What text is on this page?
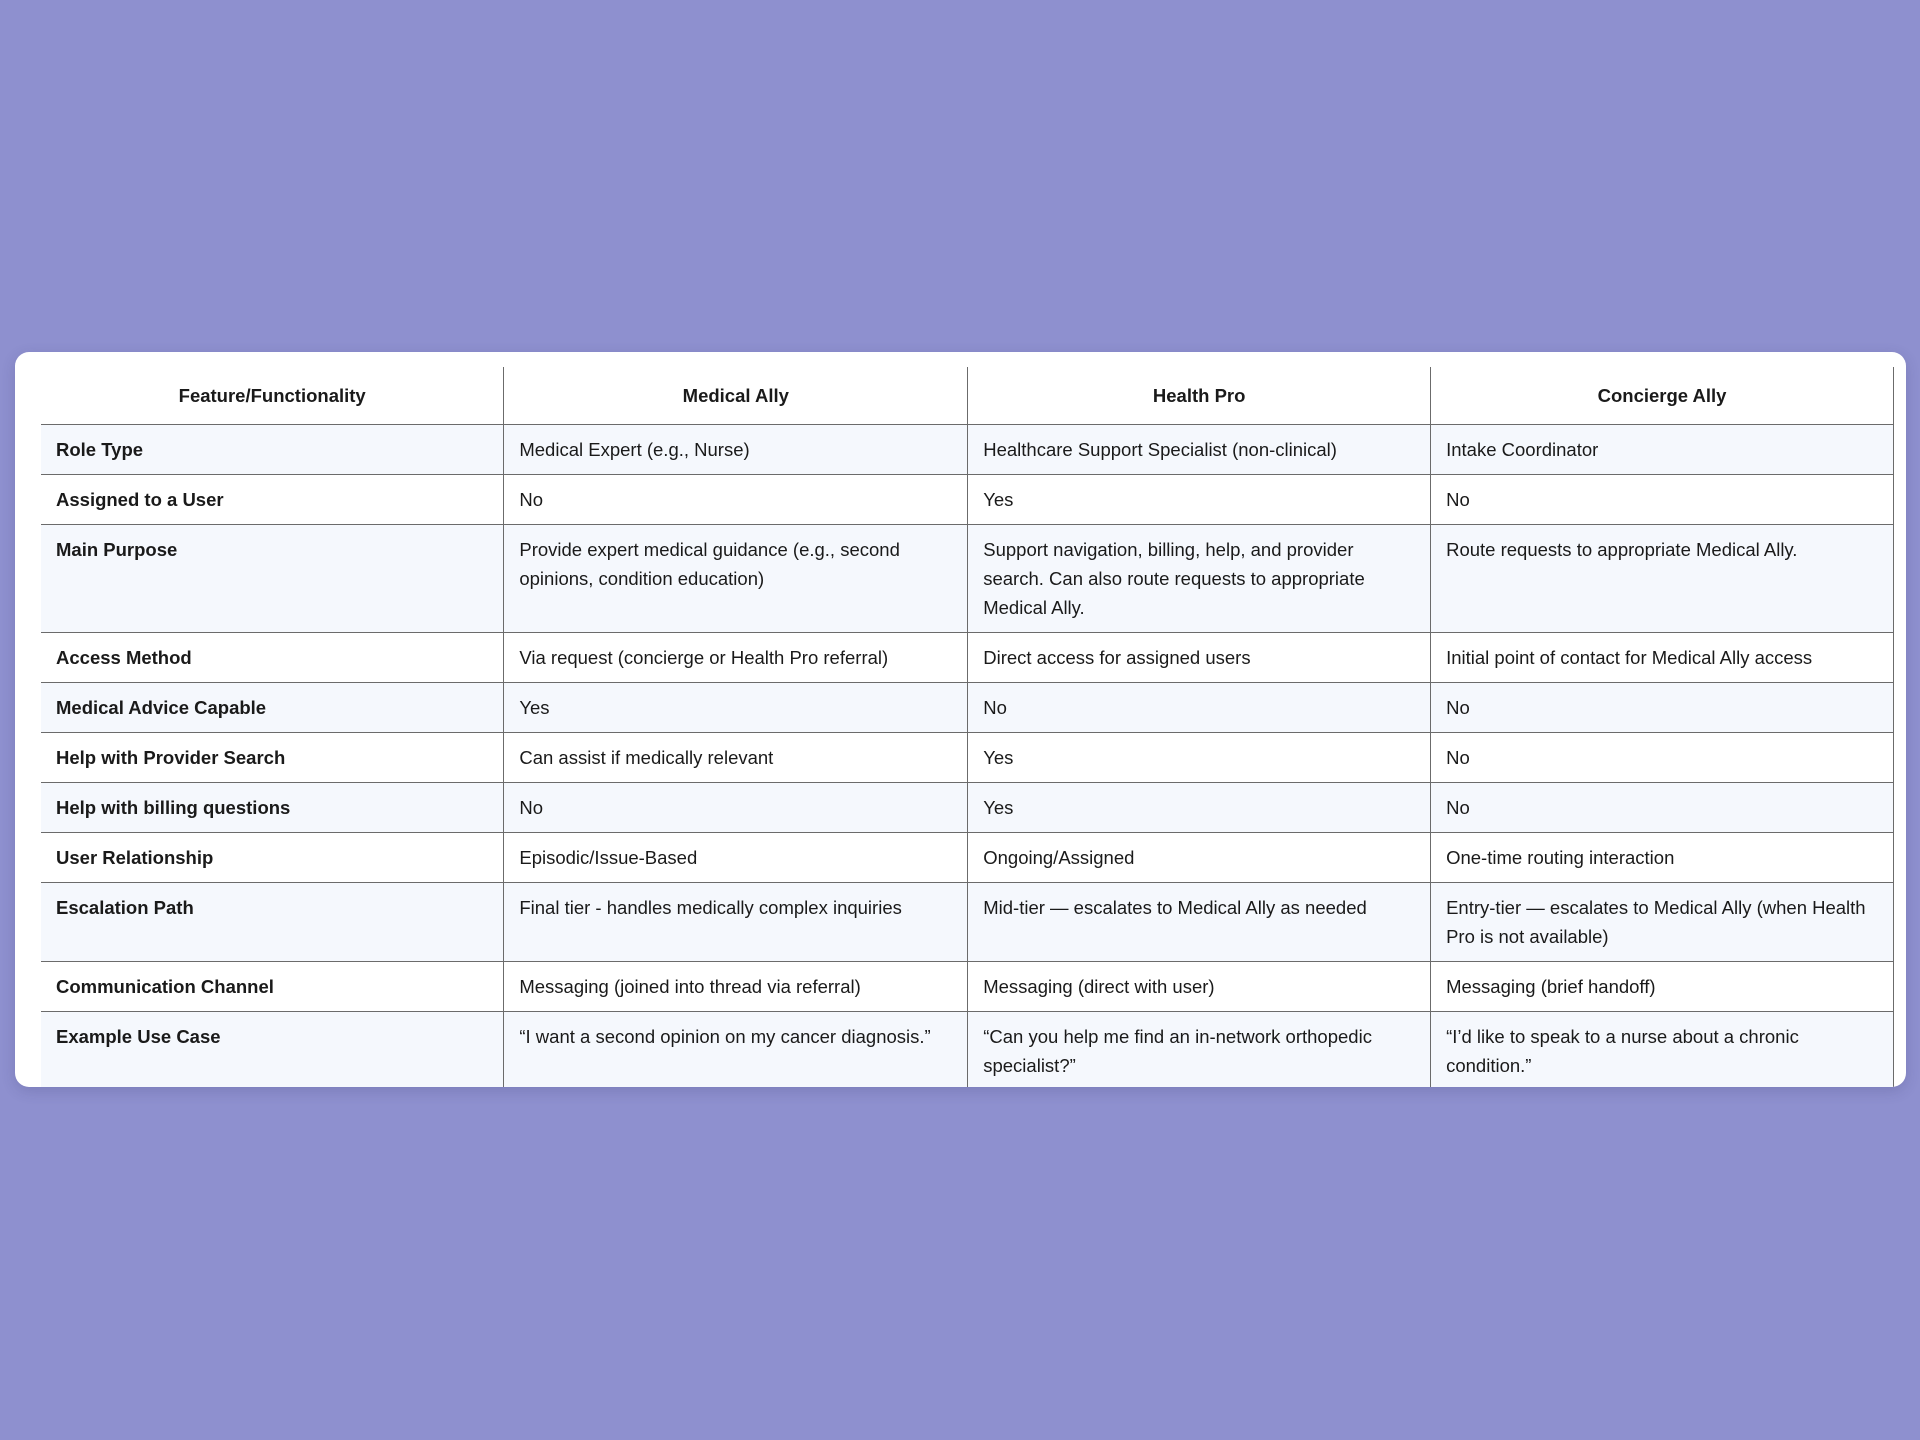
Feature/Functionality	Medical Ally	Health Pro	Concierge Ally
Role Type	Medical Expert (e.g., Nurse)	Healthcare Support Specialist (non-clinical)	Intake Coordinator
Assigned to a User	No	Yes	No
Main Purpose	Provide expert medical guidance (e.g., second opinions, condition education)	Support navigation, billing, help, and provider search. Can also route requests to appropriate Medical Ally.	Route requests to appropriate Medical Ally.
Access Method	Via request (concierge or Health Pro referral)	Direct access for assigned users	Initial point of contact for Medical Ally access
Medical Advice Capable	Yes	No	No
Help with Provider Search	Can assist if medically relevant	Yes	No
Help with billing questions	No	Yes	No
User Relationship	Episodic/Issue-Based	Ongoing/Assigned	One-time routing interaction
Escalation Path	Final tier - handles medically complex inquiries	Mid-tier — escalates to Medical Ally as needed	Entry-tier — escalates to Medical Ally (when Health Pro is not available)
Communication Channel	Messaging (joined into thread via referral)	Messaging (direct with user)	Messaging (brief handoff)
Example Use Case	“I want a second opinion on my cancer diagnosis.”	“Can you help me find an in-network orthopedic specialist?”	“I’d like to speak to a nurse about a chronic condition.”
